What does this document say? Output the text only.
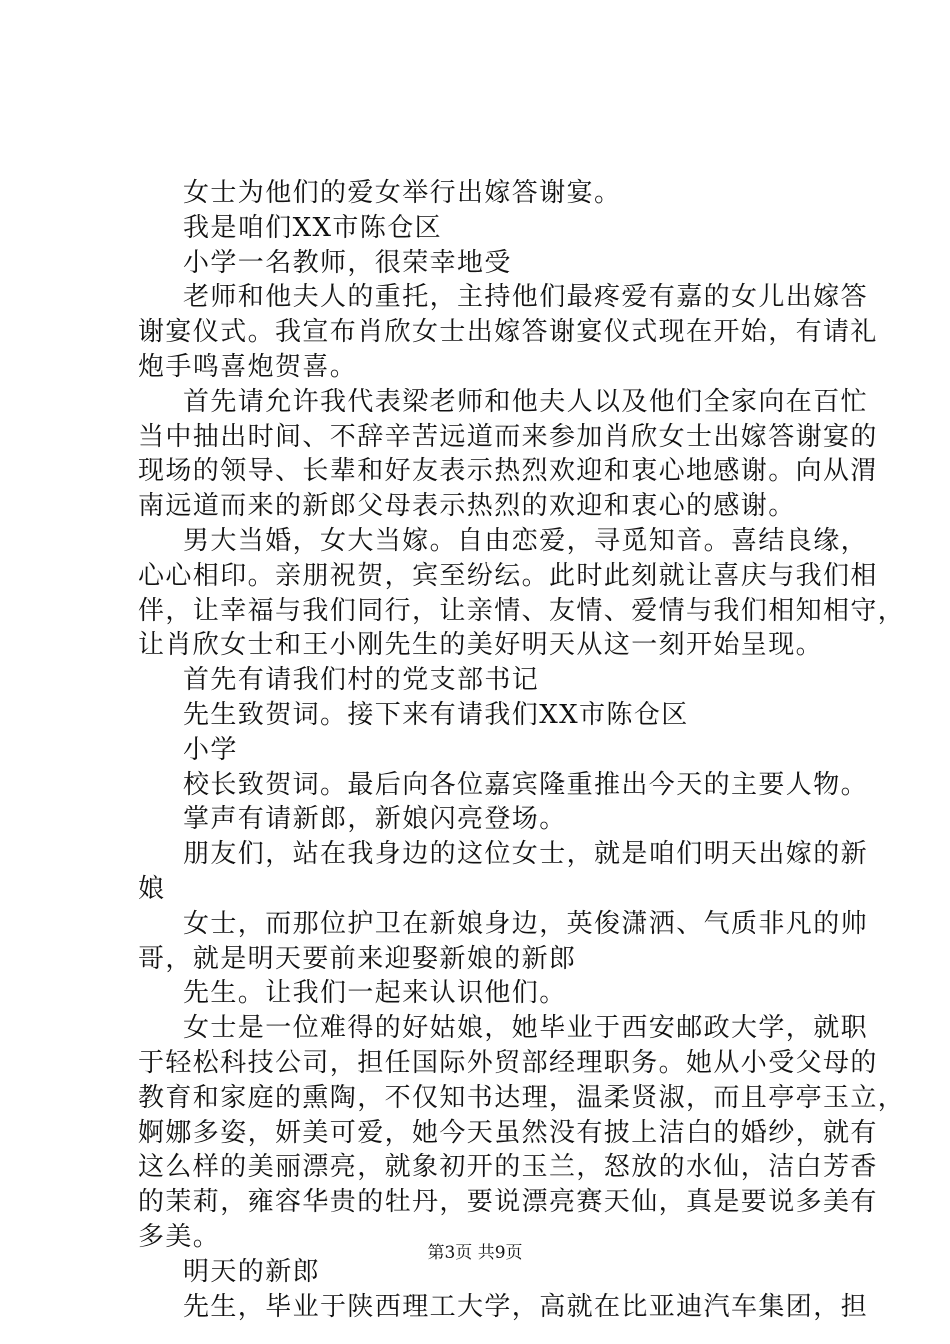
女士为他们的爱女举行出嫁答谢宴。
我是咱们XX市陈仓区
小学一名教师，很荣幸地受
老师和他夫人的重托，主持他们最疼爱有嘉的女儿出嫁答
谢宴仪式。我宣布肖欣女士出嫁答谢宴仪式现在开始，有请礼
炮手鸣喜炮贺喜。
首先请允许我代表梁老师和他夫人以及他们全家向在百忙
当中抽出时间、不辞辛苦远道而来参加肖欣女士出嫁答谢宴的
现场的领导、长辈和好友表示热烈欢迎和衷心地感谢。向从渭
南远道而来的新郎父母表示热烈的欢迎和衷心的感谢。
男大当婚，女大当嫁。自由恋爱，寻觅知音。喜结良缘，
心心相印。亲朋祝贺，宾至纷纭。此时此刻就让喜庆与我们相
伴，让幸福与我们同行，让亲情、友情、爱情与我们相知相守，
让肖欣女士和王小刚先生的美好明天从这一刻开始呈现。
首先有请我们村的党支部书记
先生致贺词。接下来有请我们XX市陈仓区
小学
校长致贺词。最后向各位嘉宾隆重推出今天的主要人物。
掌声有请新郎，新娘闪亮登场。
朋友们，站在我身边的这位女士，就是咱们明天出嫁的新
娘
女士，而那位护卫在新娘身边，英俊潇洒、气质非凡的帅
哥，就是明天要前来迎娶新娘的新郎
先生。让我们一起来认识他们。
女士是一位难得的好姑娘，她毕业于西安邮政大学，就职
于轻松科技公司，担任国际外贸部经理职务。她从小受父母的
教育和家庭的熏陶，不仅知书达理，温柔贤淑，而且亭亭玉立，
婀娜多姿，妍美可爱，她今天虽然没有披上洁白的婚纱，就有
这么样的美丽漂亮，就象初开的玉兰，怒放的水仙，洁白芳香
的茉莉，雍容华贵的牡丹，要说漂亮赛天仙，真是要说多美有
多美。
明天的新郎
先生，毕业于陕西理工大学，高就在比亚迪汽车集团，担
第3页 共9页
